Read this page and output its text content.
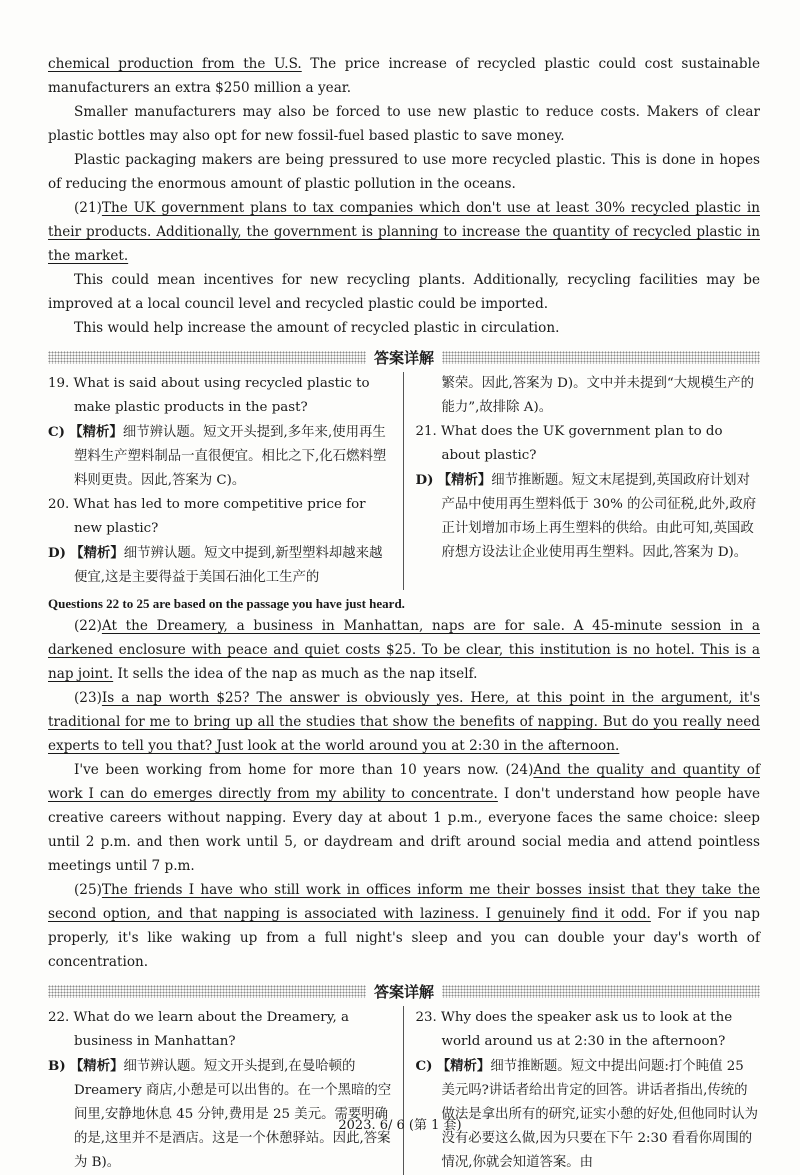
chemical production from the U.S. The price increase of recycled plastic could cost sustainable manufacturers an extra $250 million a year.

Smaller manufacturers may also be forced to use new plastic to reduce costs. Makers of clear plastic bottles may also opt for new fossil-fuel based plastic to save money.

Plastic packaging makers are being pressured to use more recycled plastic. This is done in hopes of reducing the enormous amount of plastic pollution in the oceans.

(21)The UK government plans to tax companies which don't use at least 30% recycled plastic in their products. Additionally, the government is planning to increase the quantity of recycled plastic in the market.

This could mean incentives for new recycling plants. Additionally, recycling facilities may be improved at a local council level and recycled plastic could be imported.

This would help increase the amount of recycled plastic in circulation.

答案详解

19. What is said about using recycled plastic to make plastic products in the past?

C) 【精析】细节辨认题。短文开头提到,多年来,使用再生塑料生产塑料制品一直很便宜。相比之下,化石燃料塑料则更贵。因此,答案为 C)。

20. What has led to more competitive price for new plastic?

D) 【精析】细节辨认题。短文中提到,新型塑料却越来越便宜,这是主要得益于美国石油化工生产的

繁荣。因此,答案为 D)。文中并未提到“大规模生产的能力”,故排除 A)。

21. What does the UK government plan to do about plastic?

D) 【精析】细节推断题。短文末尾提到,英国政府计划对产品中使用再生塑料低于 30% 的公司征税,此外,政府正计划增加市场上再生塑料的供给。由此可知,英国政府想方设法让企业使用再生塑料。因此,答案为 D)。

Questions 22 to 25 are based on the passage you have just heard.

(22)At the Dreamery, a business in Manhattan, naps are for sale. A 45-minute session in a darkened enclosure with peace and quiet costs $25. To be clear, this institution is no hotel. This is a nap joint. It sells the idea of the nap as much as the nap itself.

(23)Is a nap worth $25? The answer is obviously yes. Here, at this point in the argument, it's traditional for me to bring up all the studies that show the benefits of napping. But do you really need experts to tell you that? Just look at the world around you at 2:30 in the afternoon.

I've been working from home for more than 10 years now. (24)And the quality and quantity of work I can do emerges directly from my ability to concentrate. I don't understand how people have creative careers without napping. Every day at about 1 p.m., everyone faces the same choice: sleep until 2 p.m. and then work until 5, or daydream and drift around social media and attend pointless meetings until 7 p.m.

(25)The friends I have who still work in offices inform me their bosses insist that they take the second option, and that napping is associated with laziness. I genuinely find it odd. For if you nap properly, it's like waking up from a full night's sleep and you can double your day's worth of concentration.

答案详解

22. What do we learn about the Dreamery, a business in Manhattan?

B) 【精析】细节辨认题。短文开头提到,在曼哈顿的 Dreamery 商店,小憩是可以出售的。在一个黑暗的空间里,安静地休息 45 分钟,费用是 25 美元。需要明确的是,这里并不是酒店。这是一个休憩驿站。因此,答案为 B)。

23. Why does the speaker ask us to look at the world around us at 2:30 in the afternoon?

C) 【精析】细节推断题。短文中提出问题:打个盹值 25 美元吗?讲话者给出肯定的回答。讲话者指出,传统的做法是拿出所有的研究,证实小憩的好处,但他同时认为没有必要这么做,因为只要在下午 2:30 看看你周围的情况,你就会知道答案。由

2023. 6/ 6 (第 1 套)
